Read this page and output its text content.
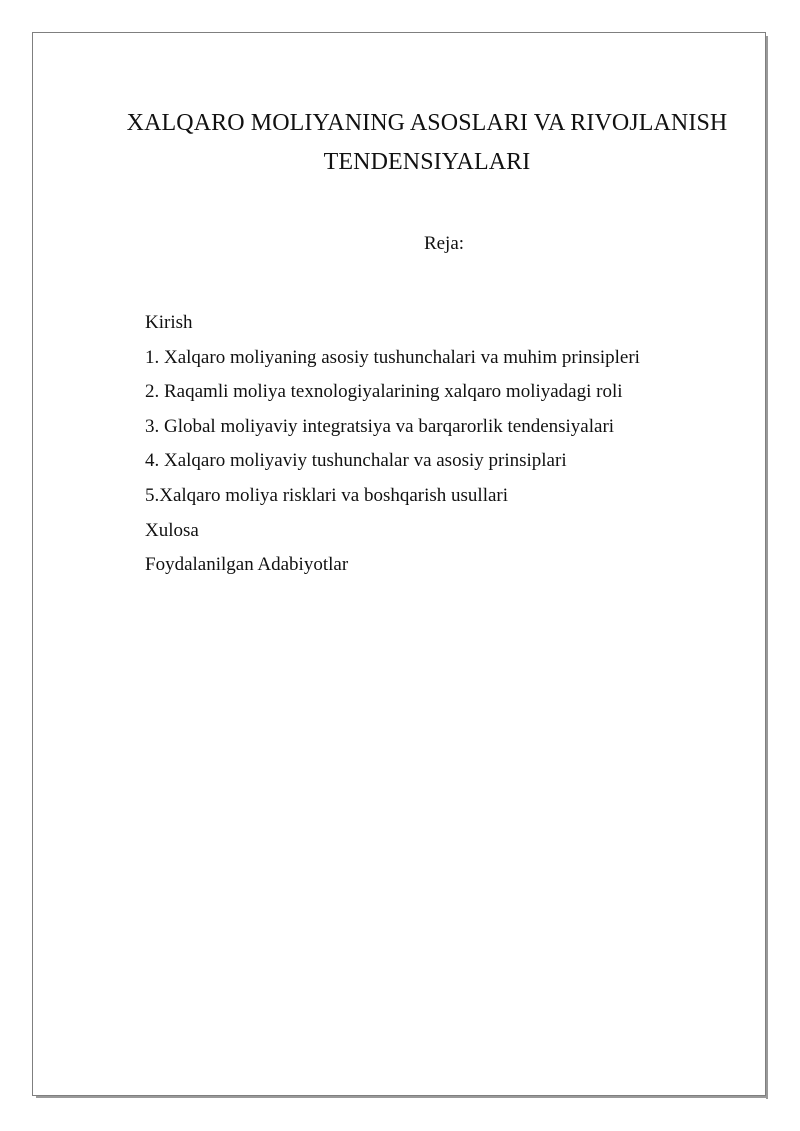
XALQARO MOLIYANING ASOSLARI VA RIVOJLANISH
TENDENSIYALARI

Reja:

Kirish
1. Xalqaro moliyaning asosiy tushunchalari va muhim prinsipleri
2. Raqamli moliya texnologiyalarining xalqaro moliyadagi roli
3. Global moliyaviy integratsiya va barqarorlik tendensiyalari
4. Xalqaro moliyaviy tushunchalar va asosiy prinsiplari
5.Xalqaro moliya risklari va boshqarish usullari
Xulosa
Foydalanilgan Adabiyotlar
